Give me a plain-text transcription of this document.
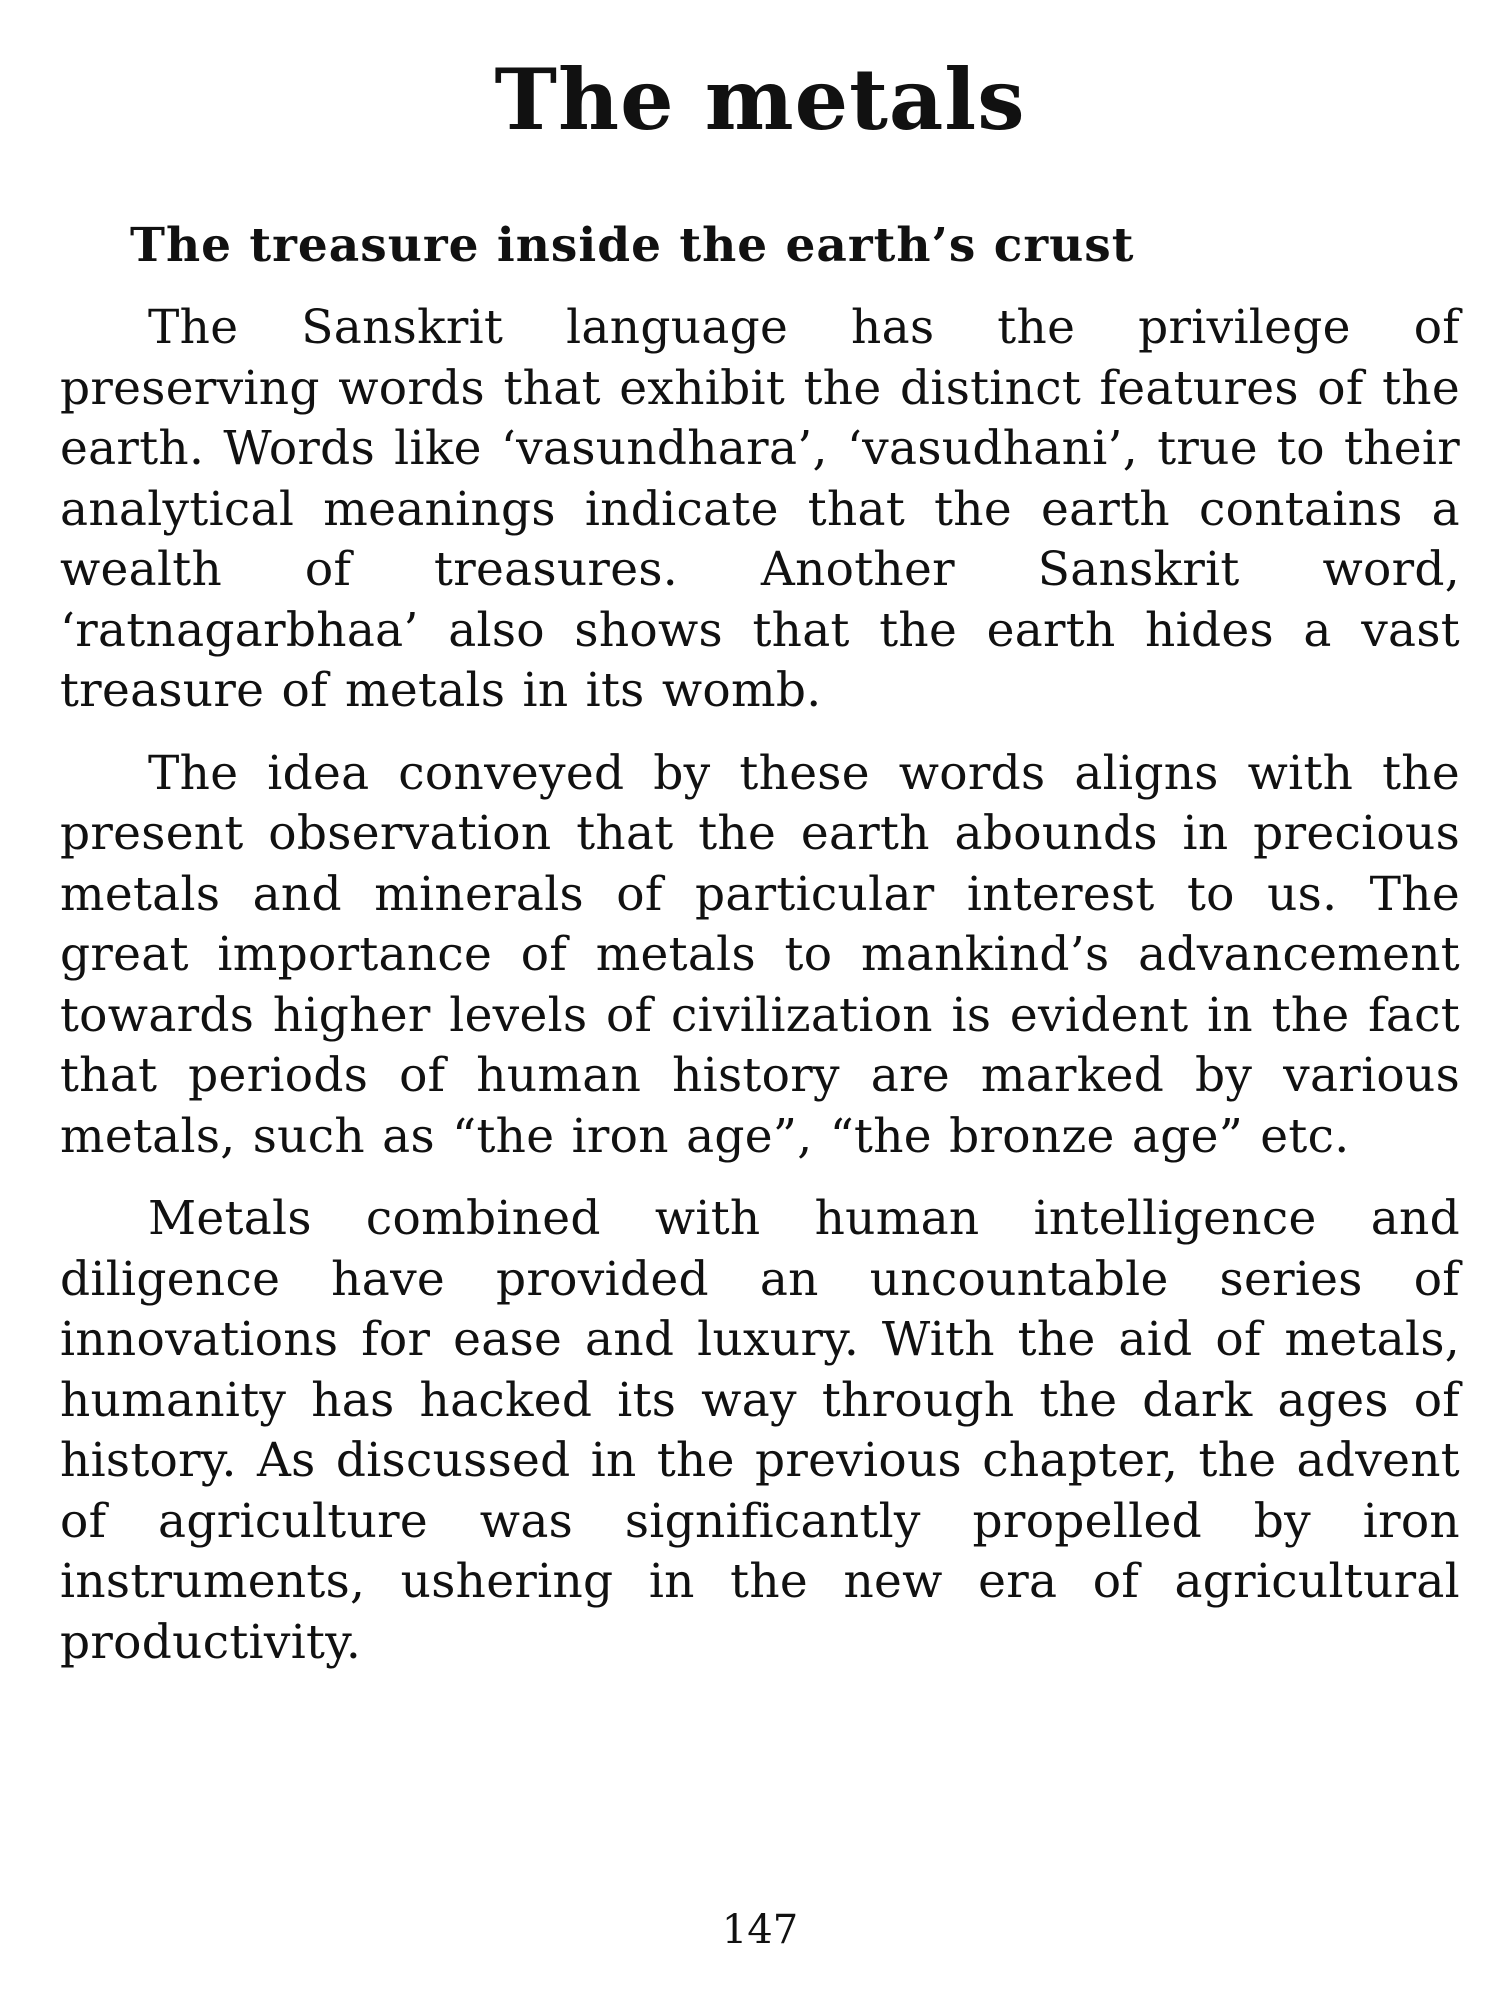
The metals
The treasure inside the earth’s crust

The Sanskrit language has the privilege of preserving words that exhibit the distinct features of the earth. Words like ‘vasundhara’, ‘vasudhani’, true to their analytical meanings indicate that the earth contains a wealth of treasures. Another Sanskrit word, ‘ratnagarbhaa’ also shows that the earth hides a vast treasure of metals in its womb.

The idea conveyed by these words aligns with the present observation that the earth abounds in precious metals and minerals of particular interest to us. The great importance of metals to mankind’s advancement towards higher levels of civilization is evident in the fact that periods of human history are marked by various metals, such as “the iron age”, “the bronze age” etc.

Metals combined with human intelligence and diligence have provided an uncountable series of innovations for ease and luxury. With the aid of metals, humanity has hacked its way through the dark ages of history. As discussed in the previous chapter, the advent of agriculture was significantly propelled by iron instruments, ushering in the new era of agricultural productivity.

147
